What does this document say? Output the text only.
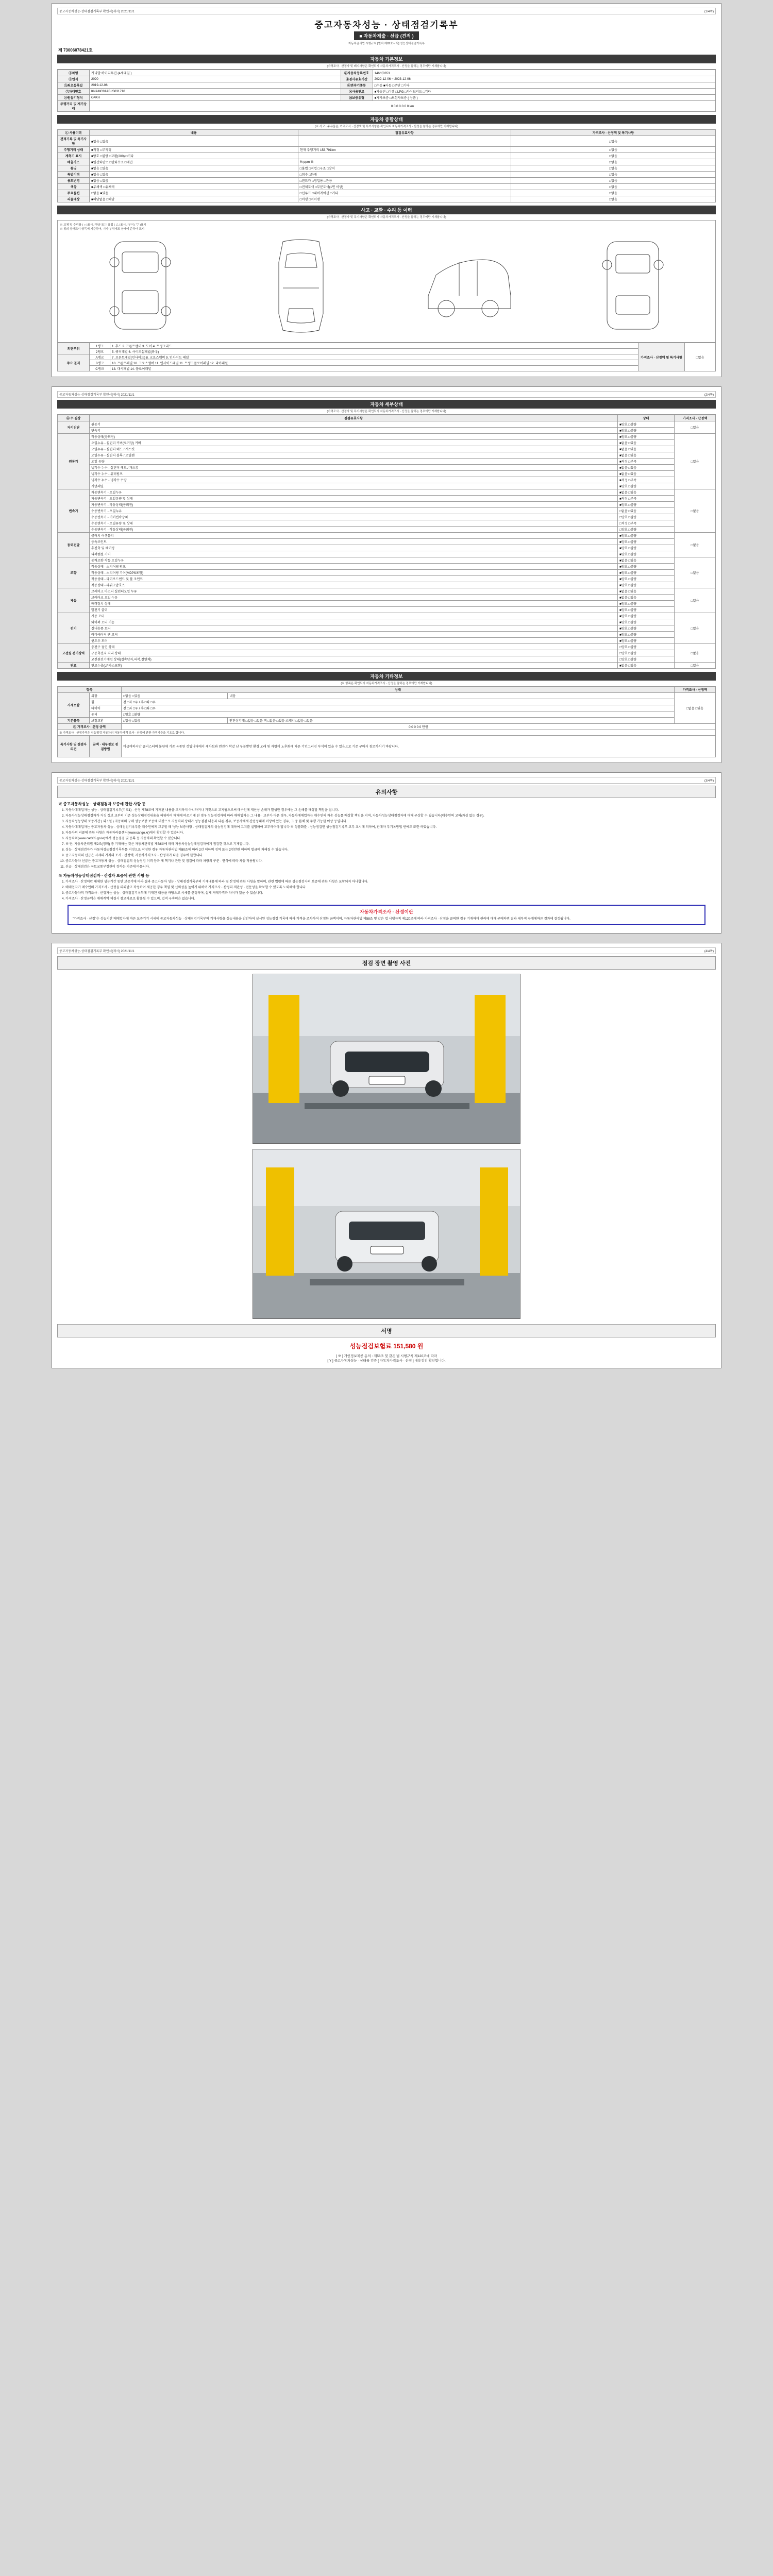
중고자동차성능·상태점검기록부 확인서(제시) 2021/11/1	(1/4쪽)
중고자동차성능 · 상태점검기록부
■ 자동차제출 · 선급 (견적 )
자동차관리법 시행규칙 [별지 제82호서식] 성능상태점검기록부
제 73006078421호
자동차 기본정보
(가격조사 · 산정자 및 폐지사항은 확인되지 자동차가격조사 · 산정을 참하는 경우에만 기재합니다)
①차명	카니발 하이리무진 (4세대일 )	②자동차등록번호	146서0353
③연식	2020	④검사유효기간	2022-12-06 ~ 2023-12-06
⑤최초등록일	2019-12-06	⑥변속기종류	□수동 ■자동 □무단 □기타
⑦차대번호	KNAMC81ABLS031710	⑧사용연료	■가솔린 □디젤 □LPG □하이브리드 □기타
⑨원동기형식	G4KH	⑩보증유형	■자가보증 □보험사보증 ( 상품 )
주행거리 및 계기상태	0 0 0 0 0 0 0 km		
자동차 종합상태
(※ 사고 · 주유품은, 가격조사 · 산정액 및 특기사항은 확인되지 자동차가격조사 · 산정을 참하는 경우에만 기재합니다)
① 사용이력	내용	점검유효사항	가격조사 · 산정액 및 특기사항
견적기록 및 특기사항	■없음 □있음		□없음
주행거리 상태	■적정 □부적정	현재 주행거리 153,791km	□없음
계측기 표시	■양호 □불량 □교환(200) □기타		□없음
배출가스	■일산화탄소 □탄화수소 □매연	% ppm %	□없음
튜닝	■없음 □있음	□불법 □적법 □구조 □장치	□없음
특별이력	■없음 □있음	□침수 □화재	□없음
용도변경	■없음 □있음	□렌트카 □영업용 □관용	□없음
색상	■무채색 □유채색	□전체도색 □부분도색(1면 이상)	□없음
주요옵션	□없음 ■있음	□선루프 □내비게이션 □기타	□없음
리콜대상	■해당없음 □해당	□이행 □미이행	□없음
사고 · 교환 · 수리 등 이력
(가격조사 · 산정자 및 특기사항은 확인되지 자동차가격조사 · 산정을 참하는 경우에만 기재합니다)
※ 교체 및 수리를 ( ○ )표시 / 판금 또는 용접 ( △ )표시 / 부식 ( ▽ )표시
※ 위의 상태표시 항목에 기준하여, 기타 부위에도 상태에 준하여 표시
외판부위	1랭크	1. 후드 2. 프론트팬더 3. 도어 4. 트렁크리드	가격조사 · 산정액 및 특기사항	□없음
	2랭크	5. 쿼터패널 6. 사이드실패널(좌우)		
주요 골격	A랭크	7. 프론트패널(인사이드) 8. 크로스멤버 9. 인사이드 패널		
	B랭크	10. 프론트패널 10. 크로스멤버 11. 인사이드패널 11. 트렁크플로어패널 12. 리어패널		
	C랭크	13. 대시패널 14. 플로어패널		
중고자동차성능·상태점검기록부 확인서(제시) 2021/11/1	(2/4쪽)
자동차 세부상태
(가격조사 · 산정자 및 특기사항은 확인되지 자동차가격조사 · 산정을 참하는 경우에만 기재합니다)
④ 수 집상	점검유효사항	상태	가격조사 · 산정액
자기진단	원동기	■양호 □불량	□없음
	변속기	■양호 □불량	
원동기	작동상태(공회전)	■양호 □불량	□없음
	오일누유 - 실린더 커버(로커암) 커버	■없음 □있음	
	오일누유 - 실린더 헤드 / 개스킷	■없음 □있음	
	오일누유 - 실린더 블록 / 오일팬	■없음 □있음	
	오일 유량	■적정 □부족	
	냉각수 누수 - 실린더 헤드 / 개스킷	■없음 □있음	
	냉각수 누수 - 워터펌프	■없음 □있음	
	냉각수 누수 - 냉각수 수량	■적정 □부족	
	커먼레일	■양호 □불량	
변속기	자동변속기 - 오일누유	■없음 □있음	□없음
	자동변속기 - 오일유량 및 상태	■적정 □부족	
	자동변속기 - 작동상태(공회전)	■양호 □불량	
	수동변속기 - 오일누유	□없음 □있음	
	수동변속기 - 기어변속장치	□양호 □불량	
	수동변속기 - 오일유량 및 상태	□적정 □부족	
	수동변속기 - 작동상태(공회전)	□양호 □불량	
동력전달	클러치 어셈블리	■양호 □불량	□없음
	등속조인트	■양호 □불량	
	추진축 및 베어링	■양호 □불량	
	디퍼렌셜 기어	■양호 □불량	
조향	동력조향 작동 오일누유	■없음 □있음	□없음
	작동상태 - 스티어링 펌프	■양호 □불량	
	작동상태 - 스티어링 기어(MDPS포함)	■양호 □불량	
	작동상태 - 타이로드엔드 및 볼 조인트	■양호 □불량	
	작동상태 - 파워고압호스	■양호 □불량	
제동	브레이크 마스터 실린더오일 누유	■없음 □있음	□없음
	브레이크 오일 누유	■없음 □있음	
	배력장치 상태	■양호 □불량	
	발전기 출력	■양호 □불량	
전기	시동 모터	■양호 □불량	□없음
	와이퍼 모터 기능	■양호 □불량	
	실내송풍 모터	■양호 □불량	
	라디에이터 팬 모터	■양호 □불량	
	윈도우 모터	■양호 □불량	
고전원 전기장치	충전구 절연 상태	□양호 □불량	□없음
	구동축전지 격리 상태	□양호 □불량	
	고전원전기배선 상태(접속단자,피복,절연체)	□양호 □불량	
연료	연료누출(LP가스포함)	■없음 □있음	□없음
자동차 기타정보
(※ 항목은 확인되지 자동차가격조사 · 산정을 참하는 경우에만 기재합니다)
항목		상태		가격조사 · 산정액
시세포함	외장	□없음 □있음	내장	□없음 □있음
	휠	전 □좌 □우 / 후 □좌 □우		
	타이어	전 □좌 □우 / 후 □좌 □우		
	유리	□양호 □불량		
기본품목	보험교환	□없음 □있음	안전삼각대 □없음 □있음 잭 □없음 □있음 스패너 □없음 □있음	
⑤ 가격조사 · 산정 금액		0 0 0 0 0 만원		
※ 가격조사 · 산정가격은 성능점검 자동차의 자동차가격 조사 · 산정에 관한 가격기준을 기초로 합니다.				
특기사항 및 점검자의견	금액 · 내부정보 점검방법	비급여하지만 클러스터의 불량에 기존 유통된 것입니다에서 세차보와 엔진가 학같 난 부분뿐만 환경 오래 및 자량이 노후화에 따른 기인그러진 부식이 있을 수 있음으로 기존 구매시 참조하시기 바랍니다.		
중고자동차성능·상태점검기록부 확인서(제시) 2021/11/1	(3/4쪽)
유의사항
※ 중고자동차성능 · 상태점검자 보증에 관한 사항 등
1. 자동차매매업자는 성능 · 상태점검기록부(기호1) · 산정 제78조에 기재된 내용을 고지하지 아니하거나 거짓으로 고지될으로써 매수인에 재산상 손해가 발생한 경우에는 그 손해를 배상할 책임을 집니다.
2. 자동차성능상태점검자가 거짓 정보 교부의 기준 성능상태점검내용을 허위하여 매매에 따르기게 된 경우 성능점검자에 따라 매매업자는 그 내용 · 교부가 다른 경우, 자동차매매업자는 매수인의 자손 성능를 배상할 책임을 지며, 자동차성능상태점검자에 대해 구상할 수 있습니다(매수인의 고의/과실 없는 경우).
3. 자동차성능상태 보증기간 ( 외 1일 ) 자동차의 구매 성능보장 보증에 대상으로 자동차의 상태가 성능점검 내용과 다른 경우, 보증자에게 간접성태에 이상이 있는 경우, 그 중 본체 및 주행 가능한 이상 등입니다.
4. 자동차매매업자는 중고자동차 성능 · 상태점검기록부를 매수인에게 교부할 때 '성능 보증사항 · 상태점검자의 성능점검에 대하여 고지를 설명하여 교부하여야 합니다 ※ 상품화를 · 성능점검인 성능점검기록부 교부 교시에 의하여, 판매자 부기록방법 반에도 또한 하였습니다.
5. 자동차의 리콜에 관한 사항은 자동차리콜센터(www.car.go.kr)에서 확인할 수 있습니다.
6. 자동차의(www.car365.go.kr)에서 성능점검 및 등록 등 자동차의 확인할 수 있습니다.
7. ※ 단, 자동차관리법 제2조(정의) 중 기재하는 것은 자동차관리법 제58조에 따라 자동차성능상태점검자에게 점검한 것으로 기재합니다.
8. 성능 · 상태점검자가 자동차성능점검기록부를 거짓으로 작성한 경우 자동차관리법 제80조에 따라 2년 이하의 징역 또는 2천만원 이하의 벌금에 처해질 수 있습니다.
9. 중고자동차의 선급은 시세의 가격의 조사 · 산정액, 자동차가격조사 · 산정자가 다음 경우에 한합니다.
10. 중고자동차 선급은 중고자동차 성능 · 상태점검의 성능점검 이력 등과 제 책기나 관한 및 점검에 따라 차량의 구분 · 연식에 따라 차등 적용됩니다.
11. 선급 · 상태점검은 국토교통부장관이 정하는 기준에 따릅니다.
※ 자동차성능상태점검자 · 산정자 보증에 관한 사항 등
1. 가격조사 · 산정이란 대체한 성능기간 동안 보증기에 따라 결과 중고자동차 성능 · 상태점검기록부의 기재내용에 따라 및 산정에 관한 사항을 말하며, 관련 법령에 따른 성능점검자의 보증에 관한 사항은 포함되지 아니합니다.
2. 매매업자가 매수인의 가격조사 · 산정을 의뢰받고 작성하여 제공한 경우 책임 및 신뢰성을 높이기 위하여 가격조사 · 산정의 객관성 · 전문성을 확보할 수 있도록 노력해야 합니다.
3. 중고자동차의 가격조사 · 산정자는 성능 · 상태점검기록부에 기재된 내용을 바탕으로 시세를 산정하며, 실제 거래가격과 차이가 있을 수 있습니다.
4. 가격조사 · 산정금액은 매매계약 체결시 참고자료로 활용될 수 있으며, 법적 구속력은 없습니다.
자동차가격조사 · 산정이란
"가격조사 · 산정"은 성능기간 매매업자에 따른 보증기기 시세에 중고자동차성능 · 상태점검기록부의 기재사항을 성능내용을 감안하여 실시된 성능점검 기록에 따라 가격을 조사하여 산정한 금액이며, 자동차관리법 제58조 및 같은 법 시행규칙 제120조에 따라 가격조사 · 산정을 클릭한 경우 기재하며 권리에 대해 구매하면 결과 세부적 구매에따른 결과에 결정됩니다.
중고자동차성능·상태점검기록부 확인서(제시) 2021/11/1	(4/4쪽)
점검 장면 촬영 사진
서명
성능점검보험료 151,580 원
[ ※ ] 개인정보제공 동의 : 제58조 및 같은 법 시행규칙 제120조에 따라
[ Y ] 중고자동차성능 · 상태를 검증 [ 자동차가격조사 · 산정 ] 내용검검 확인합니다.
